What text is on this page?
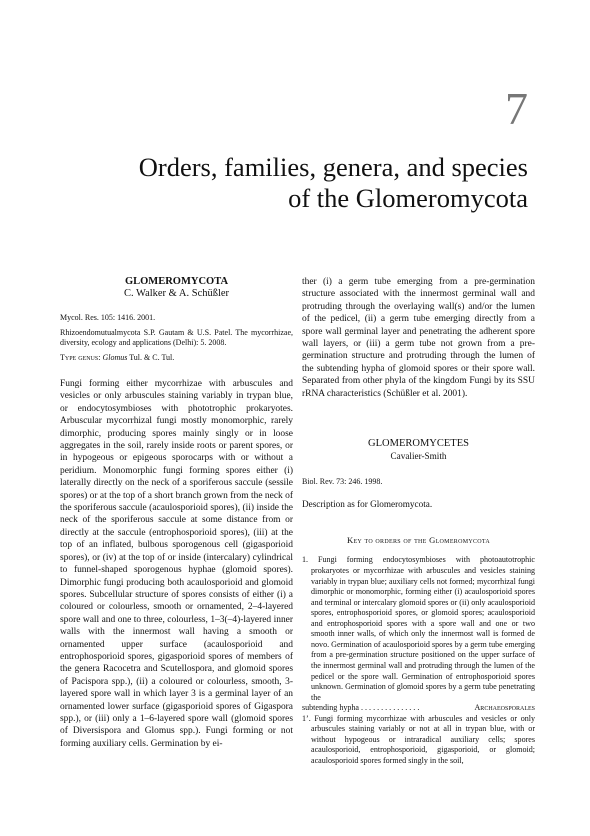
7
Orders, families, genera, and species
of the Glomeromycota

GLOMEROMYCOTA

C. Walker & A. Schüßler

Mycol. Res. 105: 1416. 2001.

Rhizoendomutualmycota S.P. Gautam & U.S. Patel. The mycorrhizae, diversity, ecology and applications (Delhi): 5. 2008.

Type genus: Glomus Tul. & C. Tul.

Fungi forming either mycorrhizae with arbuscules and vesicles or only arbuscules staining variably in trypan blue, or endocytosymbioses with phototrophic prokaryotes. Arbuscular mycorrhizal fungi mostly monomorphic, rarely dimorphic, producing spores mainly singly or in loose aggregates in the soil, rarely inside roots or parent spores, or in hypogeous or epigeous sporocarps with or without a peridium. Monomorphic fungi forming spores either (i) laterally directly on the neck of a sporiferous saccule (sessile spores) or at the top of a short branch grown from the neck of the sporiferous saccule (acaulosporioid spores), (ii) inside the neck of the sporiferous saccule at some distance from or directly at the saccule (entrophosporioid spores), (iii) at the top of an inflated, bulbous sporogenous cell (gigasporioid spores), or (iv) at the top of or inside (intercalary) cylindrical to funnel-shaped sporogenous hyphae (glomoid spores). Dimorphic fungi producing both acaulosporioid and glomoid spores. Subcellular structure of spores consists of either (i) a coloured or colourless, smooth or ornamented, 2–4-layered spore wall and one to three, colourless, 1–3(–4)-layered inner walls with the innermost wall having a smooth or ornamented upper surface (acaulosporioid and entrophosporioid spores, gigasporioid spores of members of the genera Racocetra and Scutellospora, and glomoid spores of Pacispora spp.), (ii) a coloured or colourless, smooth, 3-layered spore wall in which layer 3 is a germinal layer of an ornamented lower surface (gigasporioid spores of Gigaspora spp.), or (iii) only a 1–6-layered spore wall (glomoid spores of Diversispora and Glomus spp.). Fungi forming or not forming auxiliary cells. Germination by ei-

ther (i) a germ tube emerging from a pre-germination structure associated with the innermost germinal wall and protruding through the overlaying wall(s) and/or the lumen of the pedicel, (ii) a germ tube emerging directly from a spore wall germinal layer and penetrating the adherent spore wall layers, or (iii) a germ tube not grown from a pre-germination structure and protruding through the lumen of the subtending hypha of glomoid spores or their spore wall. Separated from other phyla of the kingdom Fungi by its SSU rRNA characteristics (Schüßler et al. 2001).

GLOMEROMYCETES

Cavalier-Smith

Biol. Rev. 73: 246. 1998.

Description as for Glomeromycota.

Key to orders of the Glomeromycota

1. Fungi forming endocytosymbioses with photoautotrophic prokaryotes or mycorrhizae with arbuscules and vesicles staining variably in trypan blue; auxiliary cells not formed; mycorrhizal fungi dimorphic or monomorphic, forming either (i) acaulosporioid spores and terminal or intercalary glomoid spores or (ii) only acaulosporioid spores, entrophosporioid spores, or glomoid spores; acaulosporioid and entrophosporioid spores with a spore wall and one or two smooth inner walls, of which only the innermost wall is formed de novo. Germination of acaulosporioid spores by a germ tube emerging from a pre-germination structure positioned on the upper surface of the innermost germinal wall and protruding through the lumen of the pedicel or the spore wall. Germination of entrophosporioid spores unknown. Germination of glomoid spores by a germ tube penetrating the

subtending hypha . . . . . . . . . . . . . . .	Archaeosporales

1’. Fungi forming mycorrhizae with arbuscules and vesicles or only arbuscules staining variably or not at all in trypan blue, with or without hypogeous or intraradical auxiliary cells; spores acaulosporioid, entrophosporioid, gigasporioid, or glomoid; acaulosporioid spores formed singly in the soil,
